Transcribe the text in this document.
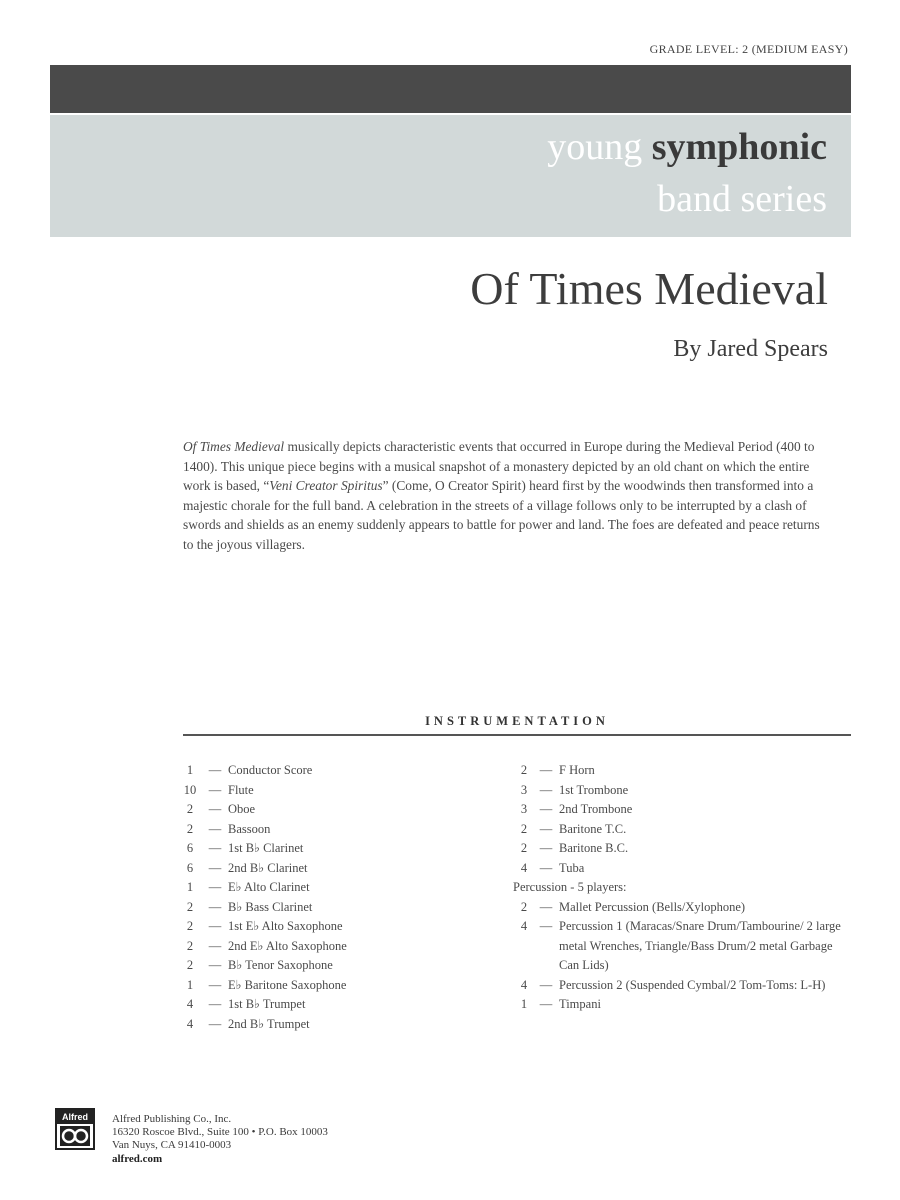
GRADE LEVEL: 2 (MEDIUM EASY)
young symphonic
band series
Of Times Medieval
By Jared Spears

Of Times Medieval musically depicts characteristic events that occurred in Europe during the Medieval Period (400 to 1400). This unique piece begins with a musical snapshot of a monastery depicted by an old chant on which the entire work is based, “Veni Creator Spiritus” (Come, O Creator Spirit) heard first by the woodwinds then transformed into a majestic chorale for the full band. A celebration in the streets of a village follows only to be interrupted by a clash of swords and shields as an enemy suddenly appears to battle for power and land. The foes are defeated and peace returns to the joyous villagers.

INSTRUMENTATION
1	— Conductor Score
10	— Flute
2	— Oboe
2	— Bassoon
6	— 1st B♭ Clarinet
6	— 2nd B♭ Clarinet
1	— E♭ Alto Clarinet
2	— B♭ Bass Clarinet
2	— 1st E♭ Alto Saxophone
2	— 2nd E♭ Alto Saxophone
2	— B♭ Tenor Saxophone
1	— E♭ Baritone Saxophone
4	— 1st B♭ Trumpet
4	— 2nd B♭ Trumpet
2	— F Horn
3	— 1st Trombone
3	— 2nd Trombone
2	— Baritone T.C.
2	— Baritone B.C.
4	— Tuba
Percussion - 5 players:
2	— Mallet Percussion (Bells/Xylophone)
4	— Percussion 1 (Maracas/Snare Drum/Tambourine/ 2 large metal Wrenches, Triangle/Bass Drum/2 metal Garbage Can Lids)
4	— Percussion 2 (Suspended Cymbal/2 Tom-Toms: L-H)
1	— Timpani
Alfred	Alfred Publishing Co., Inc.
16320 Roscoe Blvd., Suite 100 • P.O. Box 10003
Van Nuys, CA 91410-0003
alfred.com
